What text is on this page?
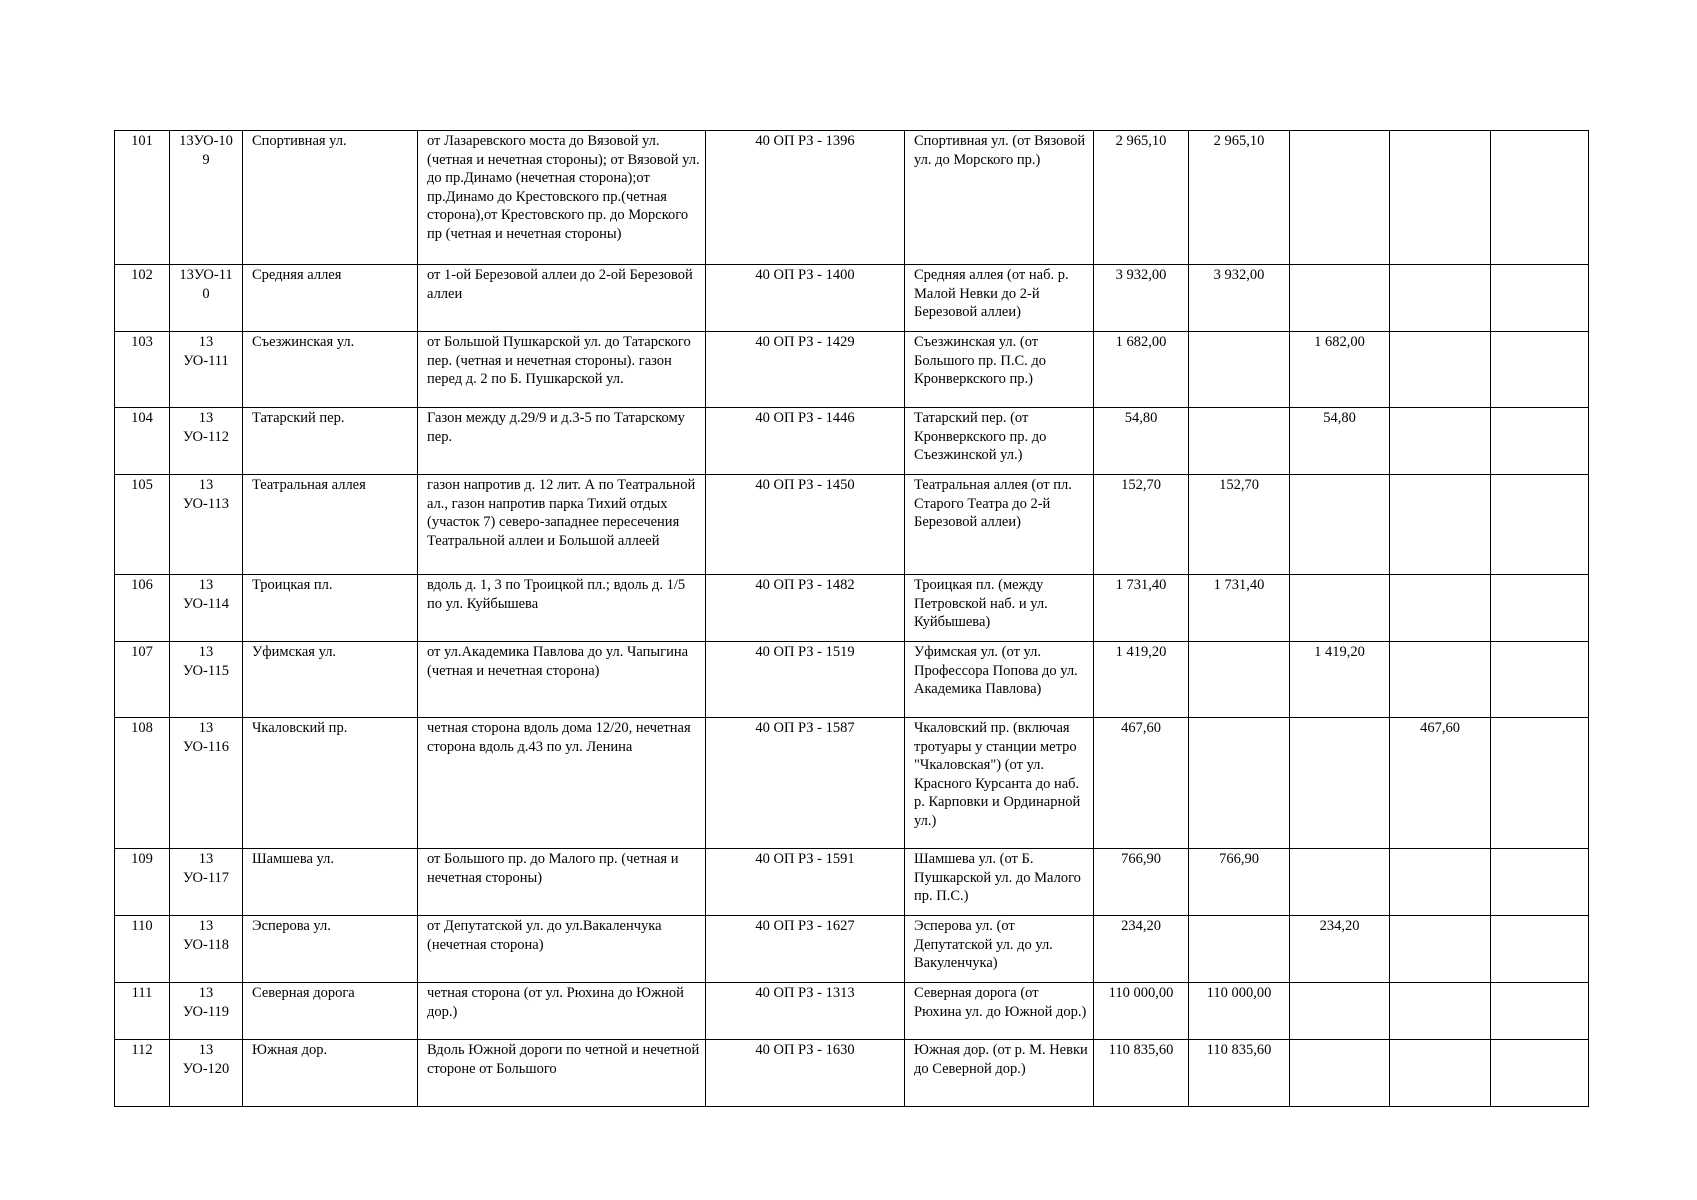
101	13УО-109	Спортивная ул.	от Лазаревского моста до Вязовой ул.(четная и нечетная стороны); от Вязовой ул. до пр.Динамо (нечетная сторона);от пр.Динамо до Крестовского пр.(четная сторона),от Крестовского пр. до Морского пр (четная и нечетная стороны)	40 ОП РЗ - 1396	Спортивная ул. (от Вязовой ул. до Морского пр.)	2 965,10	2 965,10			
102	13УО-110	Средняя аллея	от 1-ой Березовой аллеи до 2-ой Березовой аллеи	40 ОП РЗ - 1400	Средняя аллея (от наб. р. Малой Невки до 2-й Березовой аллеи)	3 932,00	3 932,00			
103	13 УО-111	Съезжинская ул.	от Большой Пушкарской ул. до Татарского пер. (четная и нечетная стороны). газон перед д. 2 по Б. Пушкарской ул.	40 ОП РЗ - 1429	Съезжинская ул. (от Большого пр. П.С. до Кронверкского пр.)	1 682,00		1 682,00		
104	13 УО-112	Татарский пер.	Газон между д.29/9 и д.3-5 по Татарскому пер.	40 ОП РЗ - 1446	Татарский пер. (от Кронверкского пр. до Съезжинской ул.)	54,80		54,80		
105	13 УО-113	Театральная аллея	газон напротив д. 12 лит. А по Театральной ал., газон напротив парка Тихий отдых (участок 7) северо-западнее пересечения Театральной аллеи и Большой аллеей	40 ОП РЗ - 1450	Театральная аллея (от пл. Старого Театра до 2-й Березовой аллеи)	152,70	152,70			
106	13 УО-114	Троицкая пл.	вдоль д. 1, 3 по Троицкой пл.; вдоль д. 1/5 по ул. Куйбышева	40 ОП РЗ - 1482	Троицкая пл. (между Петровской наб. и ул. Куйбышева)	1 731,40	1 731,40			
107	13 УО-115	Уфимская ул.	от ул.Академика Павлова до ул. Чапыгина (четная и нечетная сторона)	40 ОП РЗ - 1519	Уфимская ул. (от ул. Профессора Попова до ул. Академика Павлова)	1 419,20		1 419,20		
108	13 УО-116	Чкаловский пр.	четная сторона вдоль дома 12/20, нечетная сторона вдоль д.43 по ул. Ленина	40 ОП РЗ - 1587	Чкаловский пр. (включая тротуары у станции метро "Чкаловская") (от ул. Красного Курсанта до наб. р. Карповки и Ординарной ул.)	467,60			467,60	
109	13 УО-117	Шамшева ул.	от Большого пр. до Малого пр. (четная и нечетная стороны)	40 ОП РЗ - 1591	Шамшева ул. (от Б. Пушкарской ул. до Малого пр. П.С.)	766,90	766,90			
110	13 УО-118	Эсперова ул.	от Депутатской ул. до ул.Вакаленчука (нечетная сторона)	40 ОП РЗ - 1627	Эсперова ул. (от Депутатской ул. до ул. Вакуленчука)	234,20		234,20		
111	13 УО-119	Северная дорога	четная сторона (от ул. Рюхина до Южной дор.)	40 ОП РЗ - 1313	Северная дорога (от Рюхина ул. до Южной дор.)	110 000,00	110 000,00			
112	13 УО-120	Южная дор.	Вдоль Южной дороги по четной и нечетной стороне от Большого	40 ОП РЗ - 1630	Южная дор. (от р. М. Невки до Северной дор.)	110 835,60	110 835,60			
